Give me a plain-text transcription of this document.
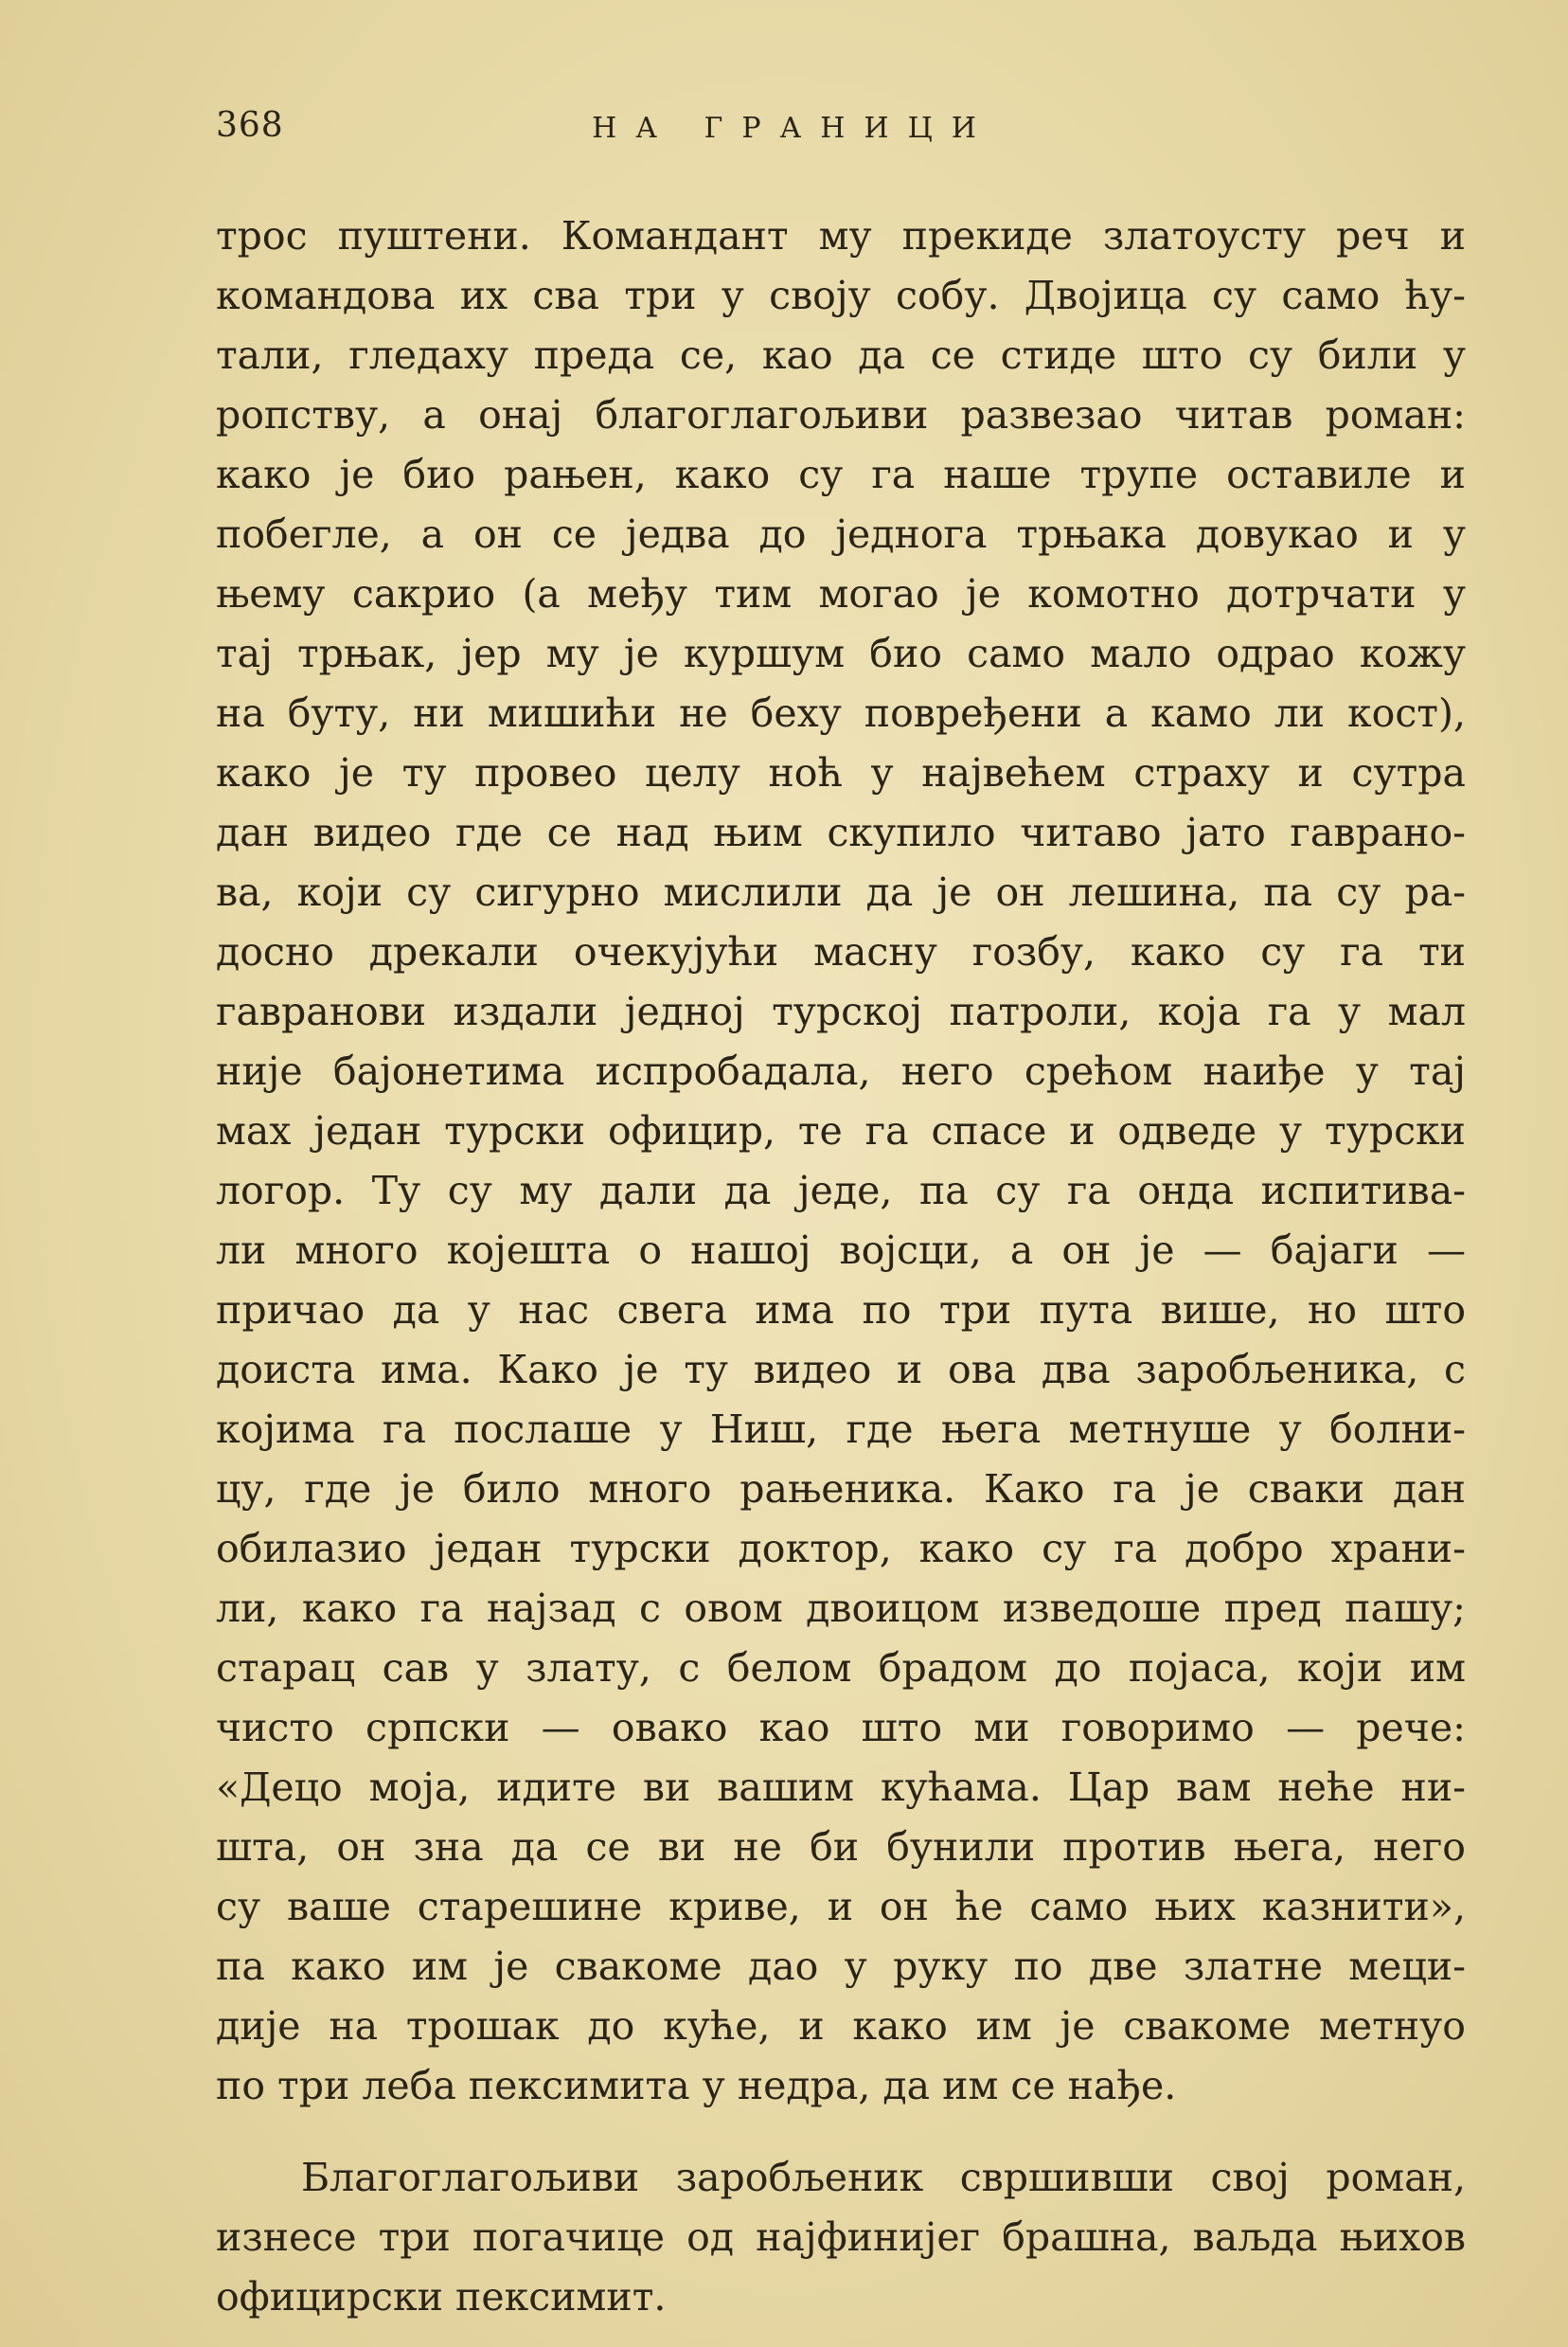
368	НА ГРАНИЦИ
трос пуштени. Командант му прекиде златоусту реч и
командова их сва три у своју собу. Двојица су само ћу-
тали, гледаху преда се, као да се стиде што су били у
ропству, а онај благоглагољиви развезао читав роман:
како је био рањен, како су га наше трупе оставиле и
побегле, а он се једва до једнога трњака довукао и у
њему сакрио (а међу тим могао је комотно дотрчати у
тај трњак, јер му је куршум био само мало одрао кожу
на буту, ни мишићи не беху повређени а камо ли кост),
како је ту провео целу ноћ у највећем страху и сутра
дан видео где се над њим скупило читаво јато гаврано-
ва, који су сигурно мислили да је он лешина, па су ра-
досно дрекали очекујући масну гозбу, како су га ти
гавранови издали једној турској патроли, која га у мал
није бајонетима испробадала, него срећом наиђе у тај
мах један турски официр, те га спасе и одведе у турски
логор. Ту су му дали да једе, па су га онда испитива-
ли много којешта о нашој војсци, а он је — бајаги —
причао да у нас свега има по три пута више, но што
доиста има. Како је ту видео и ова два заробљеника, с
којима га послаше у Ниш, где њега метнуше у болни-
цу, где је било много рањеника. Како га је сваки дан
обилазио један турски доктор, како су га добро храни-
ли, како га најзад с овом двоицом изведоше пред пашу;
старац сав у злату, с белом брадом до појаса, који им
чисто српски — овако као што ми говоримо — рече:
«Децо моја, идите ви вашим кућама. Цар вам неће ни-
шта, он зна да се ви не би бунили против њега, него
су ваше старешине криве, и он ће само њих казнити»,
па како им је свакоме дао у руку по две златне меци-
дије на трошак до куће, и како им је свакоме метнуо
по три леба пексимита у недра, да им се нађе.
Благоглагољиви заробљеник свршивши свој роман,
изнесе три погачице од најфинијег брашна, ваљда њихов
официрски пексимит.
